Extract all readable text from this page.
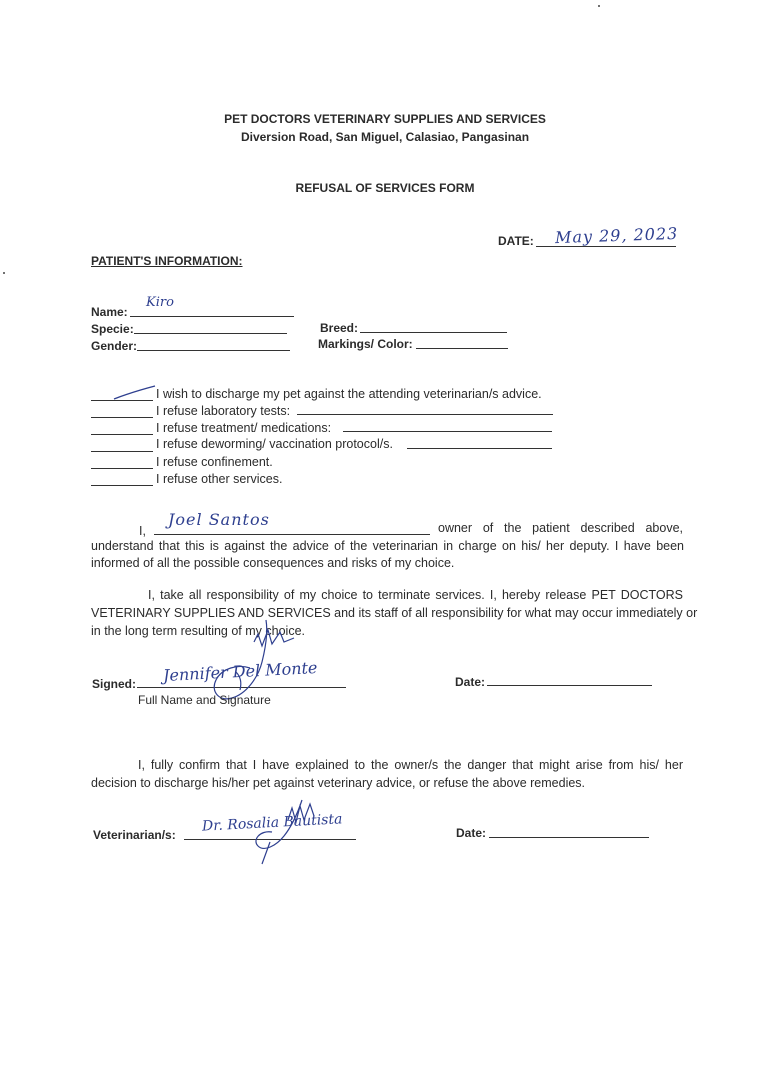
PET DOCTORS VETERINARY SUPPLIES AND SERVICES
Diversion Road, San Miguel, Calasiao, Pangasinan
REFUSAL OF SERVICES FORM
DATE: May 29, 2023
PATIENT'S INFORMATION:
Name:
Kiro
Specie:	Breed:
Gender:	Markings/ Color:
I wish to discharge my pet against the attending veterinarian/s advice.
I refuse laboratory tests:
I refuse treatment/ medications:
I refuse deworming/ vaccination protocol/s.
I refuse confinement.
I refuse other services.
I,
Joel Santos	owner of the patient described above,
understand that this is against the advice of the veterinarian in charge on his/ her deputy. I have been
informed of all the possible consequences and risks of my choice.
I, take all responsibility of my choice to terminate services. I, hereby release PET DOCTORS
VETERINARY SUPPLIES AND SERVICES and its staff of all responsibility for what may occur immediately or
in the long term resulting of my choice.
Signed: Jennifer Del Monte
Full Name and Signature
Date:
I, fully confirm that I have explained to the owner/s the danger that might arise from his/ her
decision to discharge his/her pet against veterinary advice, or refuse the above remedies.
Veterinarian/s:
Dr. Rosalia Bautista	Date:
